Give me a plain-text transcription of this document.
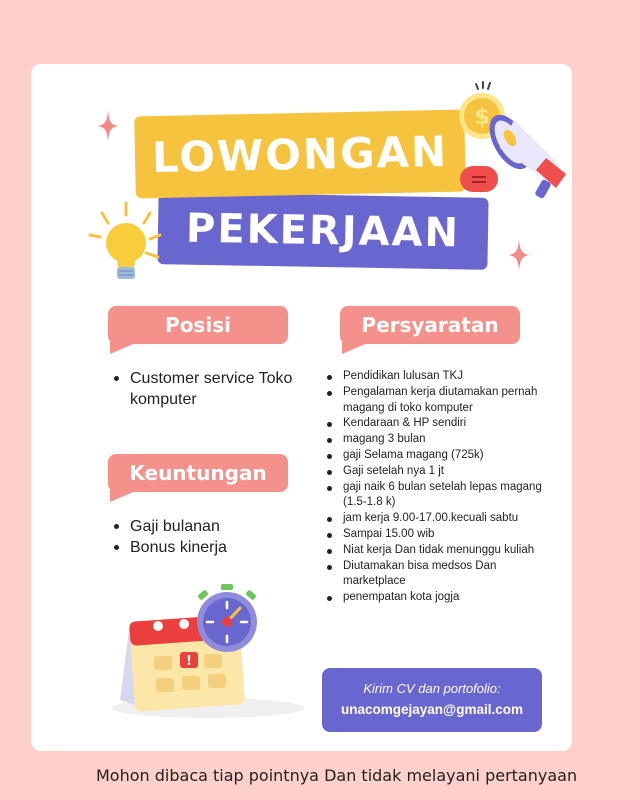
LOWONGAN
PEKERJAAN
$
Posisi
Customer service Toko komputer
Keuntungan
Gaji bulanan
Bonus kinerja
Persyaratan
Pendidikan lulusan TKJ
Pengalaman kerja diutamakan pernah magang di toko komputer
Kendaraan & HP sendiri
magang 3 bulan
gaji Selama magang (725k)
Gaji setelah nya 1 jt
gaji naik 6 bulan setelah lepas magang (1.5-1.8 k)
jam kerja 9.00-17.00.kecuali sabtu
Sampai 15.00 wib
Niat kerja Dan tidak menunggu kuliah
Diutamakan bisa medsos Dan marketplace
penempatan kota jogja
!
Kirim CV dan portofolio:
unacomgejayan@gmail.com
Mohon dibaca tiap pointnya Dan tidak melayani pertanyaan
